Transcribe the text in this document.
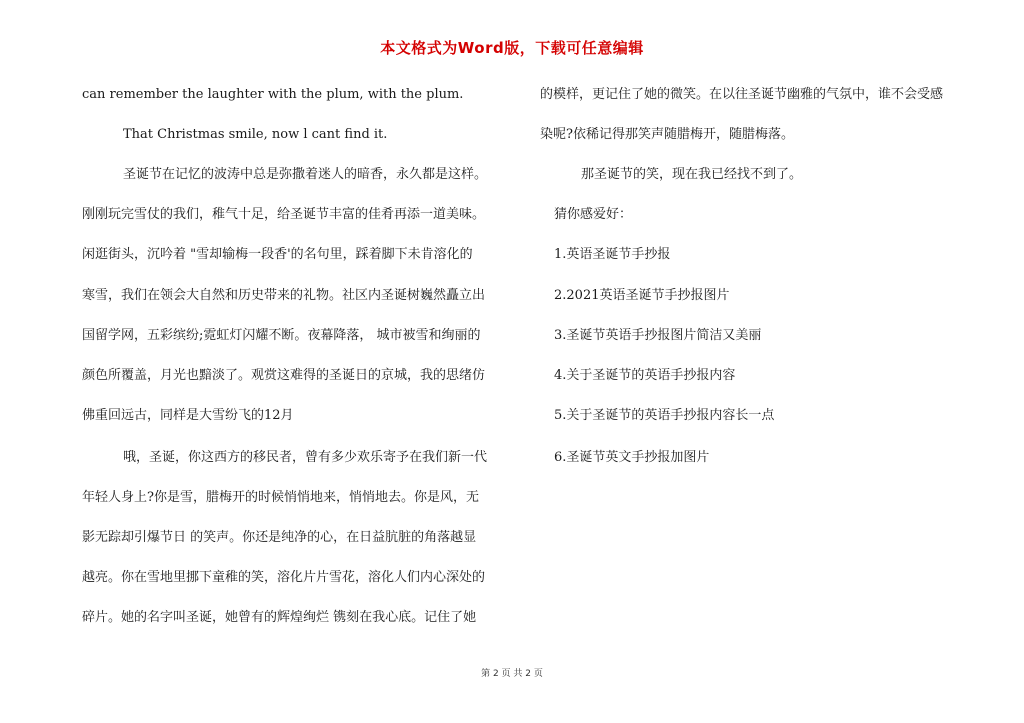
本文格式为Word版，下载可任意编辑
can remember the laughter with the plum, with the plum.
That Christmas smile, now l cant find it.
圣诞节在记忆的波涛中总是弥撒着迷人的暗香，永久都是这样。
刚刚玩完雪仗的我们，稚气十足，给圣诞节丰富的佳肴再添一道美味。
闲逛街头，沉吟着 "雪却输梅一段香'的名句里，踩着脚下未肯溶化的
寒雪，我们在领会大自然和历史带来的礼物。社区内圣诞树巍然矗立出
国留学网，五彩缤纷;霓虹灯闪耀不断。夜幕降落， 城市被雪和绚丽的
颜色所覆盖，月光也黯淡了。观赏这难得的圣诞日的京城，我的思绪仿
佛重回远古，同样是大雪纷飞的12月
哦，圣诞，你这西方的移民者，曾有多少欢乐寄予在我们新一代
年轻人身上?你是雪，腊梅开的时候悄悄地来，悄悄地去。你是风，无
影无踪却引爆节日 的笑声。你还是纯净的心，在日益肮脏的角落越显
越亮。你在雪地里挪下童稚的笑，溶化片片雪花，溶化人们内心深处的
碎片。她的名字叫圣诞，她曾有的辉煌绚烂 镌刻在我心底。记住了她
的模样，更记住了她的微笑。在以往圣诞节幽雅的气氛中，谁不会受感
染呢?依稀记得那笑声随腊梅开，随腊梅落。
那圣诞节的笑，现在我已经找不到了。
猜你感爱好：
1.英语圣诞节手抄报
2.2021英语圣诞节手抄报图片
3.圣诞节英语手抄报图片简洁又美丽
4.关于圣诞节的英语手抄报内容
5.关于圣诞节的英语手抄报内容长一点
6.圣诞节英文手抄报加图片
第 2 页 共 2 页
